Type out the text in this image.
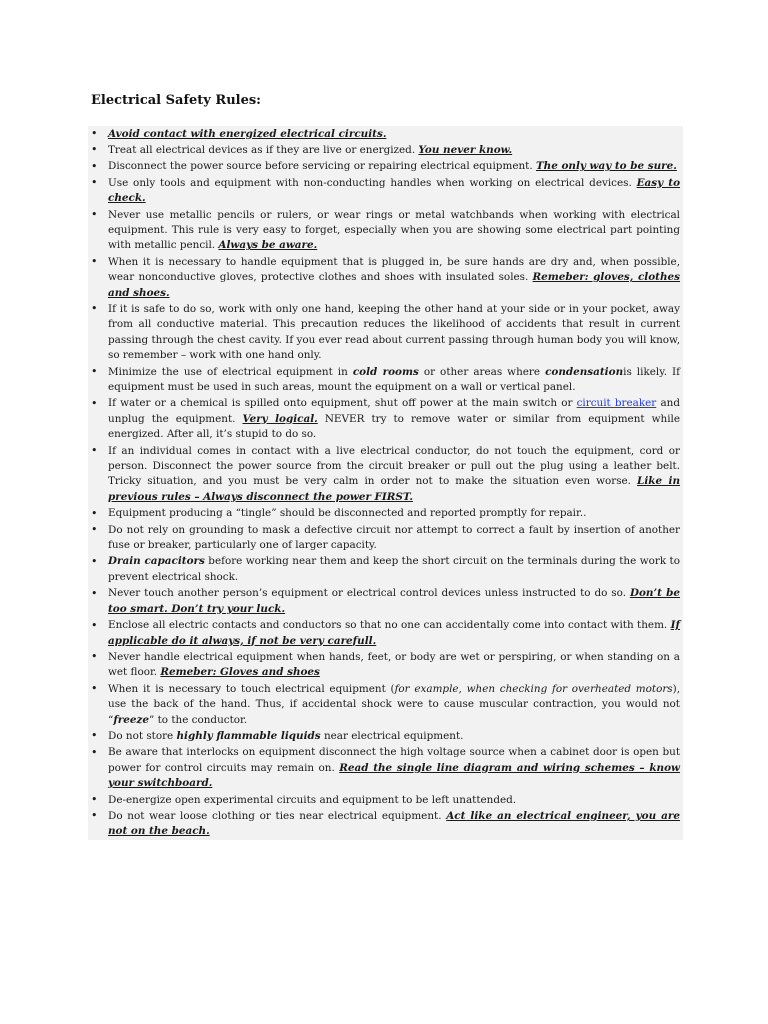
Electrical Safety Rules:
• Avoid contact with energized electrical circuits.
• Treat all electrical devices as if they are live or energized. You never know.
• Disconnect the power source before servicing or repairing electrical equipment. The only way to be sure.
• Use only tools and equipment with non-conducting handles when working on electrical devices. Easy to check.
• Never use metallic pencils or rulers, or wear rings or metal watchbands when working with electrical equipment. This rule is very easy to forget, especially when you are showing some electrical part pointing with metallic pencil. Always be aware.
• When it is necessary to handle equipment that is plugged in, be sure hands are dry and, when possible, wear nonconductive gloves, protective clothes and shoes with insulated soles. Remeber: gloves, clothes and shoes.
• If it is safe to do so, work with only one hand, keeping the other hand at your side or in your pocket, away from all conductive material. This precaution reduces the likelihood of accidents that result in current passing through the chest cavity. If you ever read about current passing through human body you will know, so remember – work with one hand only.
• Minimize the use of electrical equipment in cold rooms or other areas where condensationis likely. If equipment must be used in such areas, mount the equipment on a wall or vertical panel.
• If water or a chemical is spilled onto equipment, shut off power at the main switch or circuit breaker and unplug the equipment. Very logical. NEVER try to remove water or similar from equipment while energized. After all, it’s stupid to do so.
• If an individual comes in contact with a live electrical conductor, do not touch the equipment, cord or person. Disconnect the power source from the circuit breaker or pull out the plug using a leather belt. Tricky situation, and you must be very calm in order not to make the situation even worse. Like in previous rules – Always disconnect the power FIRST.
• Equipment producing a “tingle” should be disconnected and reported promptly for repair..
• Do not rely on grounding to mask a defective circuit nor attempt to correct a fault by insertion of another fuse or breaker, particularly one of larger capacity.
• Drain capacitors before working near them and keep the short circuit on the terminals during the work to prevent electrical shock.
• Never touch another person’s equipment or electrical control devices unless instructed to do so. Don’t be too smart. Don’t try your luck.
• Enclose all electric contacts and conductors so that no one can accidentally come into contact with them. If applicable do it always, if not be very carefull.
• Never handle electrical equipment when hands, feet, or body are wet or perspiring, or when standing on a wet floor. Remeber: Gloves and shoes
• When it is necessary to touch electrical equipment (for example, when checking for overheated motors), use the back of the hand. Thus, if accidental shock were to cause muscular contraction, you would not “freeze” to the conductor.
• Do not store highly flammable liquids near electrical equipment.
• Be aware that interlocks on equipment disconnect the high voltage source when a cabinet door is open but power for control circuits may remain on. Read the single line diagram and wiring schemes – know your switchboard.
• De-energize open experimental circuits and equipment to be left unattended.
• Do not wear loose clothing or ties near electrical equipment. Act like an electrical engineer, you are not on the beach.
